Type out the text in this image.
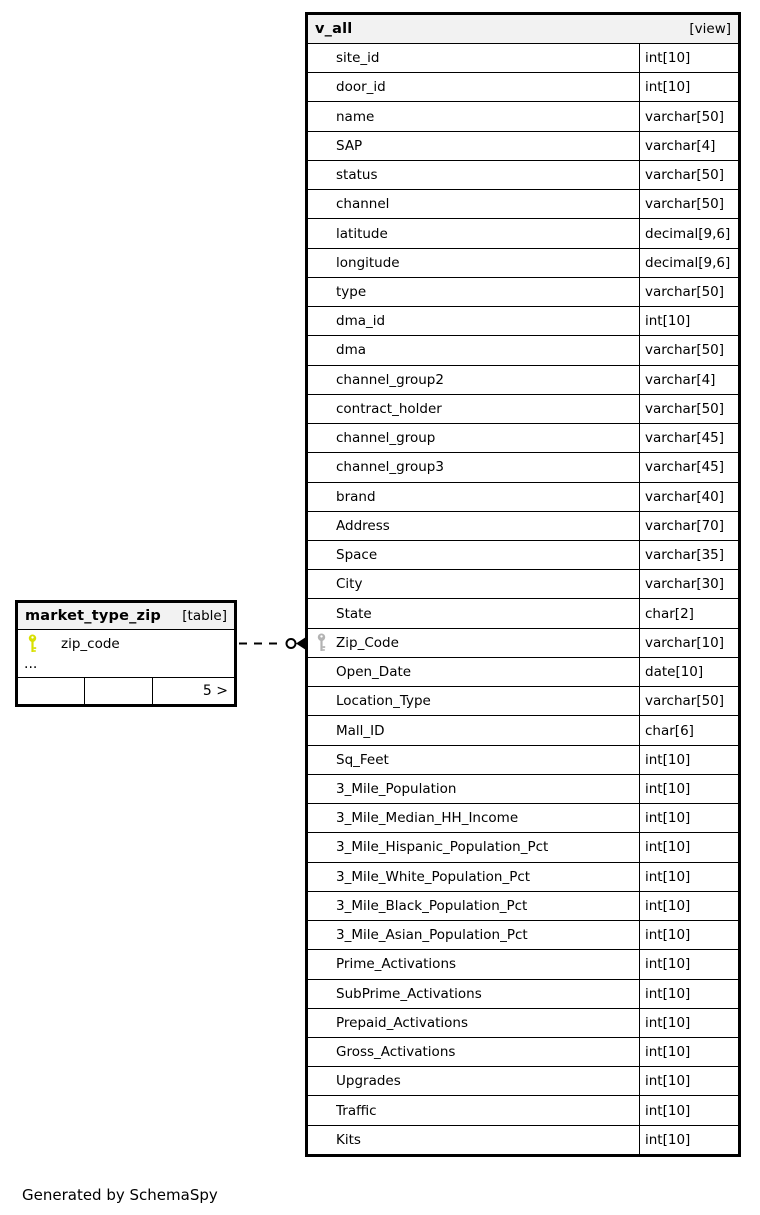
market_type_zip [table]
zip_code
...
5 >
v_all	[view]
site_id	int[10]
door_id	int[10]
name	varchar[50]
SAP	varchar[4]
status	varchar[50]
channel	varchar[50]
latitude	decimal[9,6]
longitude	decimal[9,6]
type	varchar[50]
dma_id	int[10]
dma	varchar[50]
channel_group2	varchar[4]
contract_holder	varchar[50]
channel_group	varchar[45]
channel_group3	varchar[45]
brand	varchar[40]
Address	varchar[70]
Space	varchar[35]
City	varchar[30]
State	char[2]
Zip_Code	varchar[10]
Open_Date	date[10]
Location_Type	varchar[50]
Mall_ID	char[6]
Sq_Feet	int[10]
3_Mile_Population	int[10]
3_Mile_Median_HH_Income	int[10]
3_Mile_Hispanic_Population_Pct	int[10]
3_Mile_White_Population_Pct	int[10]
3_Mile_Black_Population_Pct	int[10]
3_Mile_Asian_Population_Pct	int[10]
Prime_Activations	int[10]
SubPrime_Activations	int[10]
Prepaid_Activations	int[10]
Gross_Activations	int[10]
Upgrades	int[10]
Traffic	int[10]
Kits	int[10]
Generated by SchemaSpy
